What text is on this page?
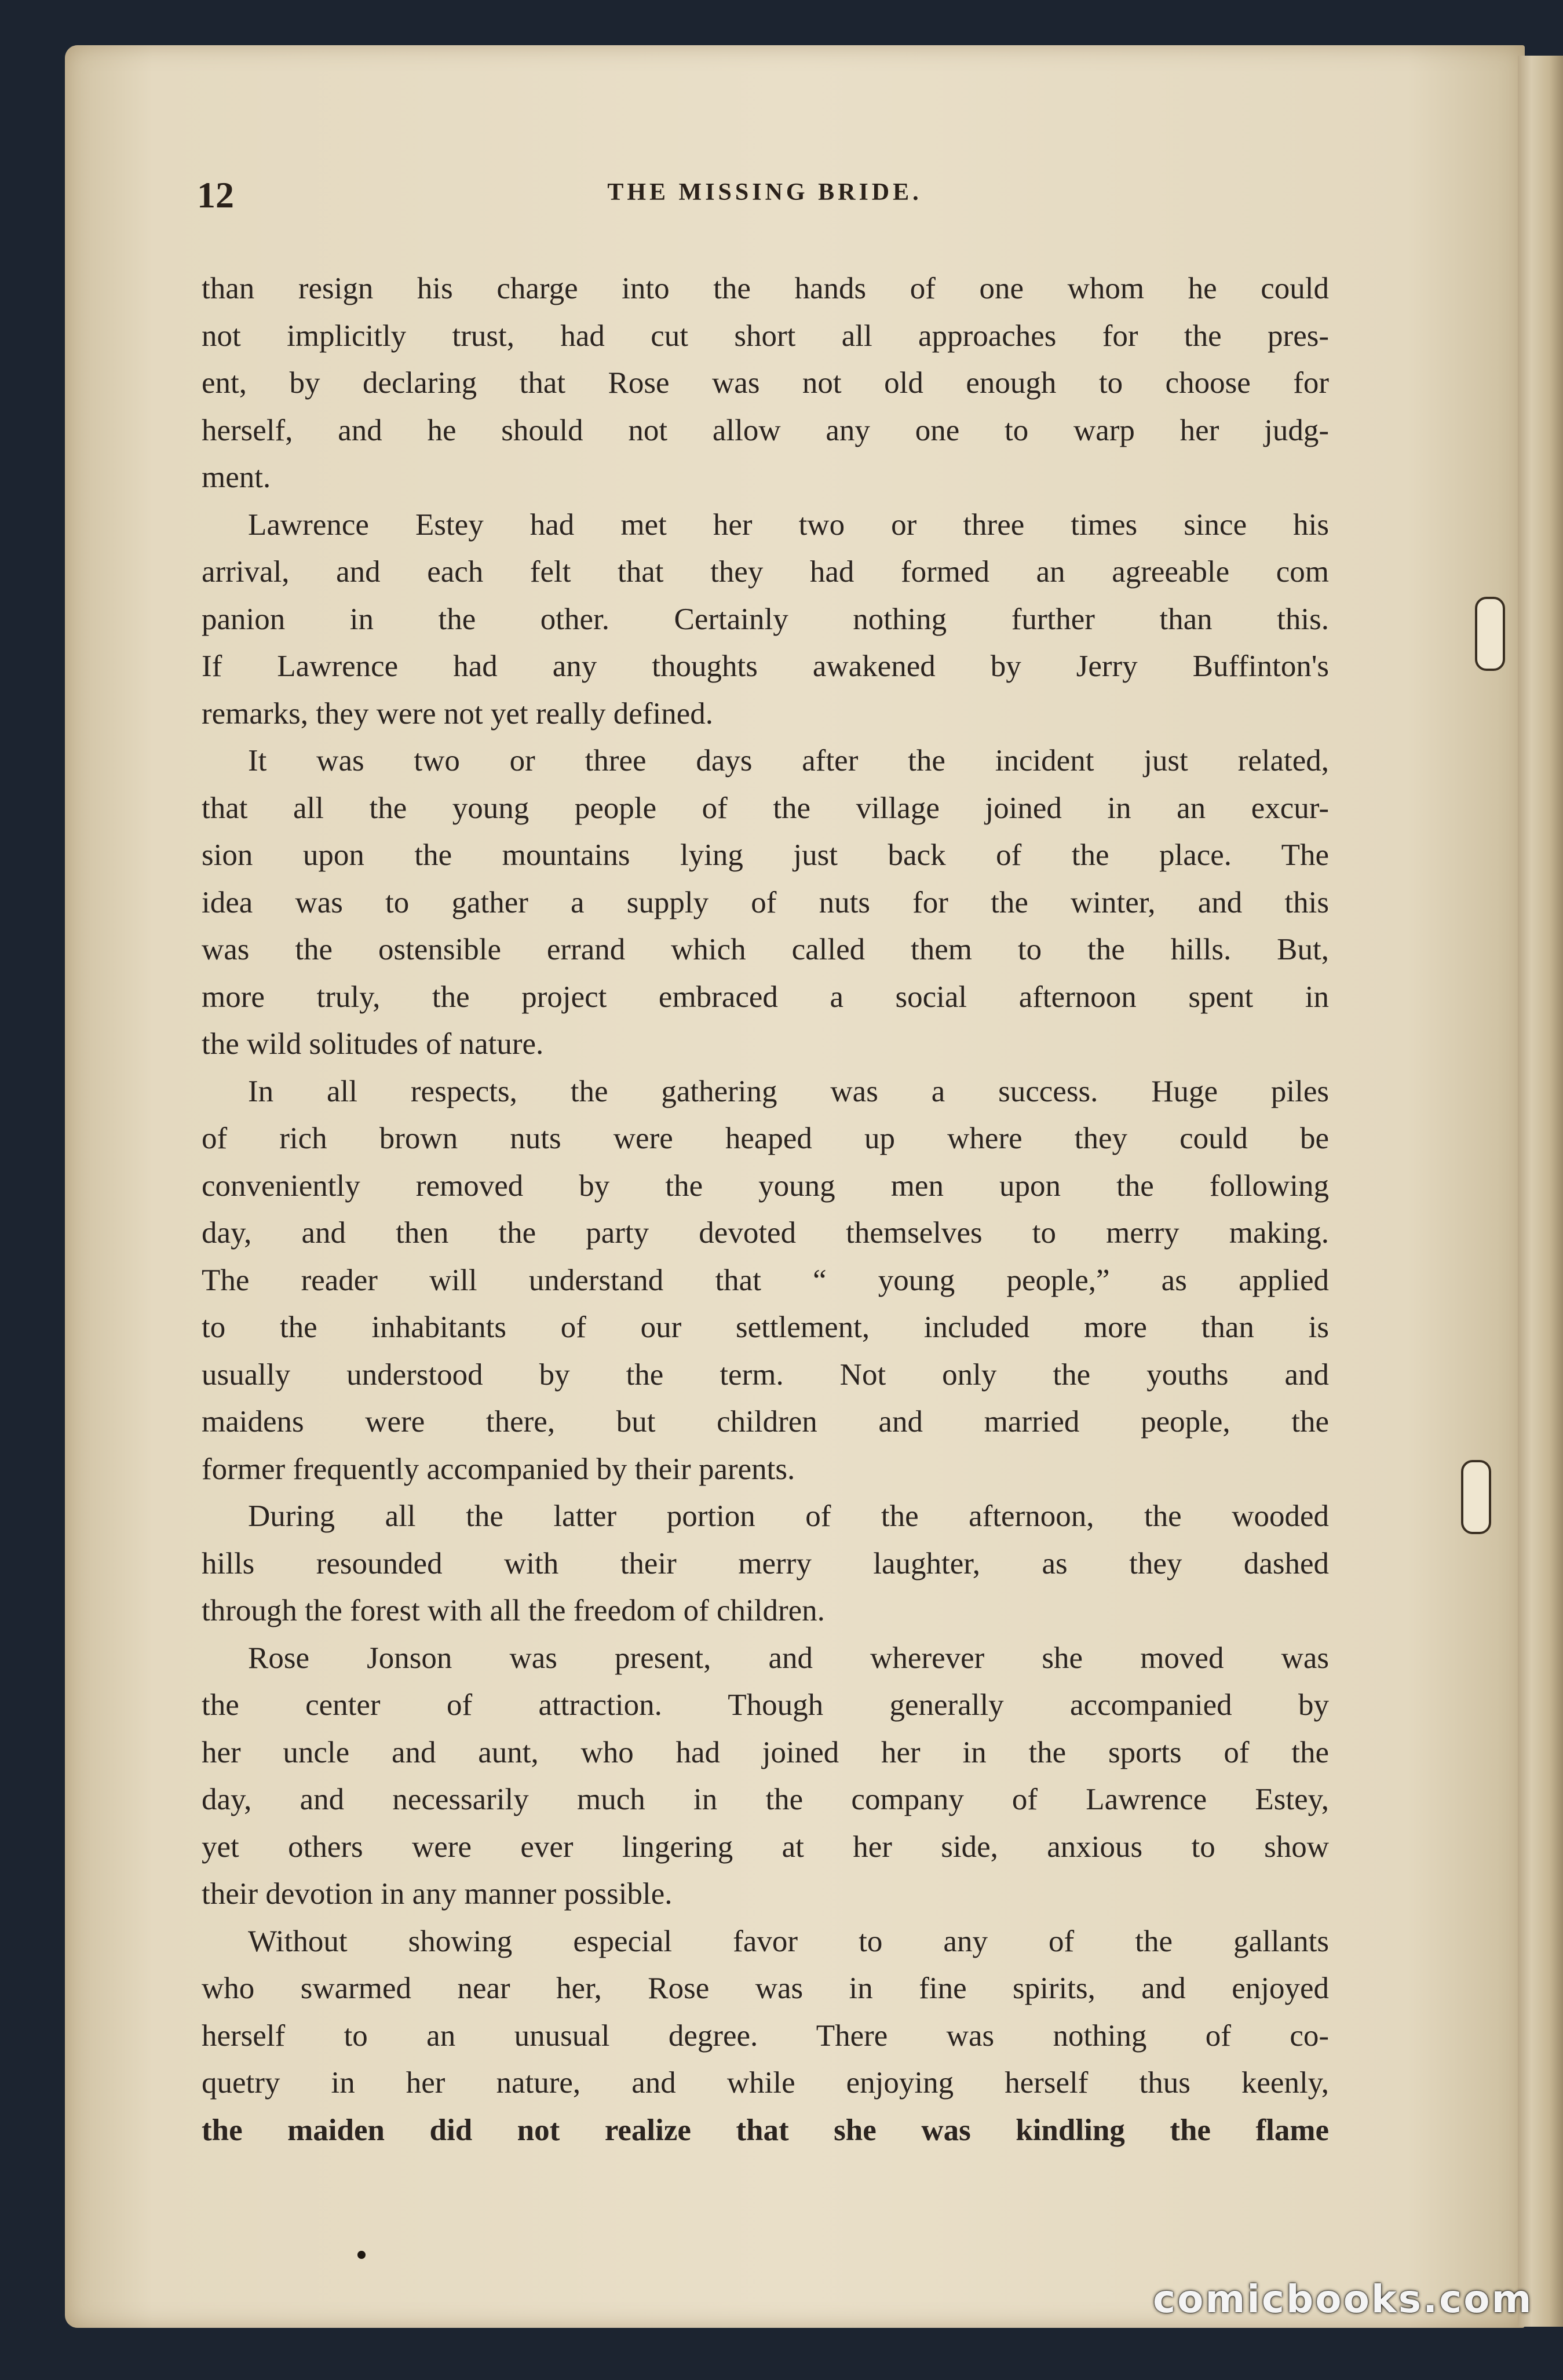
12	THE MISSING BRIDE.
than resign his charge into the hands of one whom he could
not implicitly trust, had cut short all approaches for the pres-
ent, by declaring that Rose was not old enough to choose for
herself, and he should not allow any one to warp her judg-
ment.
Lawrence Estey had met her two or three times since his
arrival, and each felt that they had formed an agreeable com
panion in the other. Certainly nothing further than this.
If Lawrence had any thoughts awakened by Jerry Buffinton's
remarks, they were not yet really defined.
It was two or three days after the incident just related,
that all the young people of the village joined in an excur-
sion upon the mountains lying just back of the place. The
idea was to gather a supply of nuts for the winter, and this
was the ostensible errand which called them to the hills. But,
more truly, the project embraced a social afternoon spent in
the wild solitudes of nature.
In all respects, the gathering was a success. Huge piles
of rich brown nuts were heaped up where they could be
conveniently removed by the young men upon the following
day, and then the party devoted themselves to merry making.
The reader will understand that “ young people,” as applied
to the inhabitants of our settlement, included more than is
usually understood by the term. Not only the youths and
maidens were there, but children and married people, the
former frequently accompanied by their parents.
During all the latter portion of the afternoon, the wooded
hills resounded with their merry laughter, as they dashed
through the forest with all the freedom of children.
Rose Jonson was present, and wherever she moved was
the center of attraction. Though generally accompanied by
her uncle and aunt, who had joined her in the sports of the
day, and necessarily much in the company of Lawrence Estey,
yet others were ever lingering at her side, anxious to show
their devotion in any manner possible.
Without showing especial favor to any of the gallants
who swarmed near her, Rose was in fine spirits, and enjoyed
herself to an unusual degree. There was nothing of co-
quetry in her nature, and while enjoying herself thus keenly,
the maiden did not realize that she was kindling the flame
comicbooks.com
